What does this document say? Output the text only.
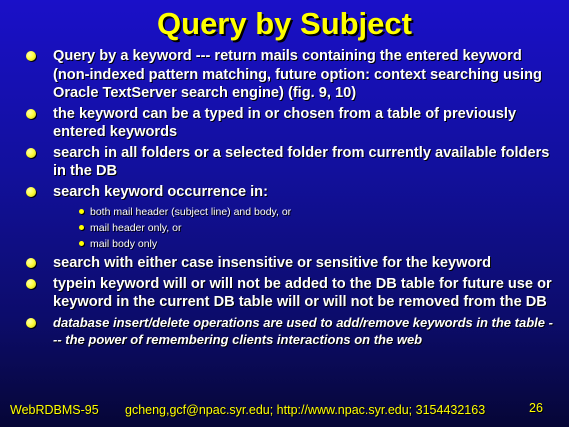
Query by Subject
Query by a keyword --- return mails containing the entered keyword (non-indexed pattern matching, future option: context searching using Oracle TextServer search engine) (fig. 9, 10)
the keyword can be a typed in or chosen from a table of previously entered keywords
search in all folders or a selected folder from currently available folders in the DB
search keyword occurrence in:
both mail header (subject line) and body, or
mail header only, or
mail body only
search with either case insensitive or sensitive for the keyword
typein keyword will or will not be added to the DB table for future use or keyword in the current DB table will or will not be removed from the DB
database insert/delete operations are used to add/remove keywords in the table --- the power of remembering clients interactions on the web
WebRDBMS-95 gcheng,gcf@npac.syr.edu; http://www.npac.syr.edu; 3154432163	26
